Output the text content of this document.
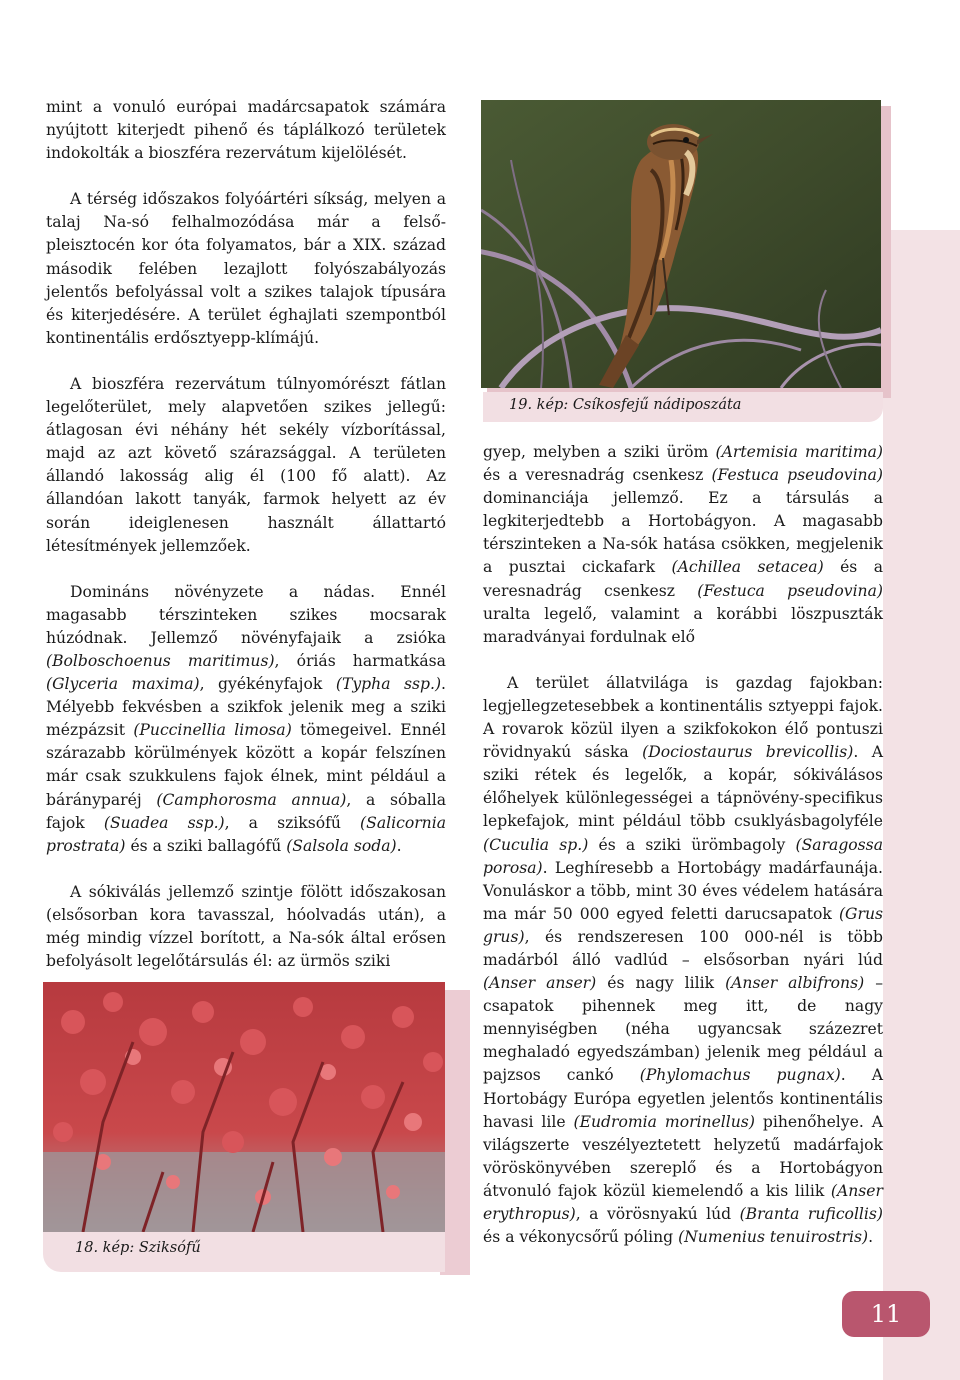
mint a vonuló európai madárcsapatok számára nyújtott kiterjedt pihenő és táplálkozó területek indokolták a bioszféra rezervátum kijelölését.

A térség időszakos folyóártéri síkság, melyen a talaj Na-só felhalmozódása már a felső-pleisztocén kor óta folyamatos, bár a XIX. század második felében lezajlott folyószabályozás jelentős befolyással volt a szikes talajok típusára és kiterjedésére. A terület éghajlati szempontból kontinentális erdősztyepp-klímájú.

A bioszféra rezervátum túlnyomórészt fátlan legelőterület, mely alapvetően szikes jellegű: átlagosan évi néhány hét sekély vízborítással, majd az azt követő szárazsággal. A területen állandó lakosság alig él (100 fő alatt). Az állandóan lakott tanyák, farmok helyett az év során ideiglenesen használt állattartó létesítmények jellemzőek.

Domináns növényzete a nádas. Ennél magasabb térszinteken szikes mocsarak húzódnak. Jellemző növényfajaik a zsióka (Bolboschoenus maritimus), óriás harmatkása (Glyceria maxima), gyékényfajok (Typha ssp.). Mélyebb fekvésben a szikfok jelenik meg a sziki mézpázsit (Puccinellia limosa) tömegeivel. Ennél szárazabb körülmények között a kopár felszínen már csak szukkulens fajok élnek, mint például a bárányparéj (Camphorosma annua), a sóballa fajok (Suadea ssp.), a sziksófű (Salicornia prostrata) és a sziki ballagófű (Salsola soda).

A sókiválás jellemző szintje fölött időszakosan (elsősorban kora tavasszal, hóolvadás után), a még mindig vízzel borított, a Na-sók által erősen befolyásolt legelőtársulás él: az ürmös sziki

19. kép: Csíkosfejű nádiposzáta

gyep, melyben a sziki üröm (Artemisia maritima) és a veresnadrág csenkesz (Festuca pseudovina) dominanciája jellemző. Ez a társulás a legkiterjedtebb a Hortobágyon. A magasabb térszinteken a Na-sók hatása csökken, megjelenik a pusztai cickafark (Achillea setacea) és a veresnadrág csenkesz (Festuca pseudovina) uralta legelő, valamint a korábbi löszpuszták maradványai fordulnak elő

A terület állatvilága is gazdag fajokban: legjellegzetesebbek a kontinentális sztyeppi fajok. A rovarok közül ilyen a szikfokokon élő pontuszi rövidnyakú sáska (Dociostaurus brevicollis). A sziki rétek és legelők, a kopár, sókiválásos élőhelyek különlegességei a tápnövény-specifikus lepkefajok, mint például több csuklyásbagolyféle (Cuculia sp.) és a sziki ürömbagoly (Saragossa porosa). Leghíresebb a Hortobágy madárfaunája. Vonuláskor a több, mint 30 éves védelem hatására ma már 50 000 egyed feletti darucsapatok (Grus grus), és rendszeresen 100 000-nél is több madárból álló vadlúd – elsősorban nyári lúd (Anser anser) és nagy lilik (Anser albifrons) – csapatok pihennek meg itt, de nagy mennyiségben (néha ugyancsak százezret meghaladó egyedszámban) jelenik meg például a pajzsos cankó (Phylomachus pugnax). A Hortobágy Európa egyetlen jelentős kontinentális havasi lile (Eudromia morinellus) pihenőhelye. A világszerte veszélyeztetett helyzetű madárfajok vöröskönyvében szereplő és a Hortobágyon átvonuló fajok közül kiemelendő a kis lilik (Anser erythropus), a vörösnyakú lúd (Branta ruficollis) és a vékonycsőrű póling (Numenius tenuirostris).

18. kép: Sziksófű
11
